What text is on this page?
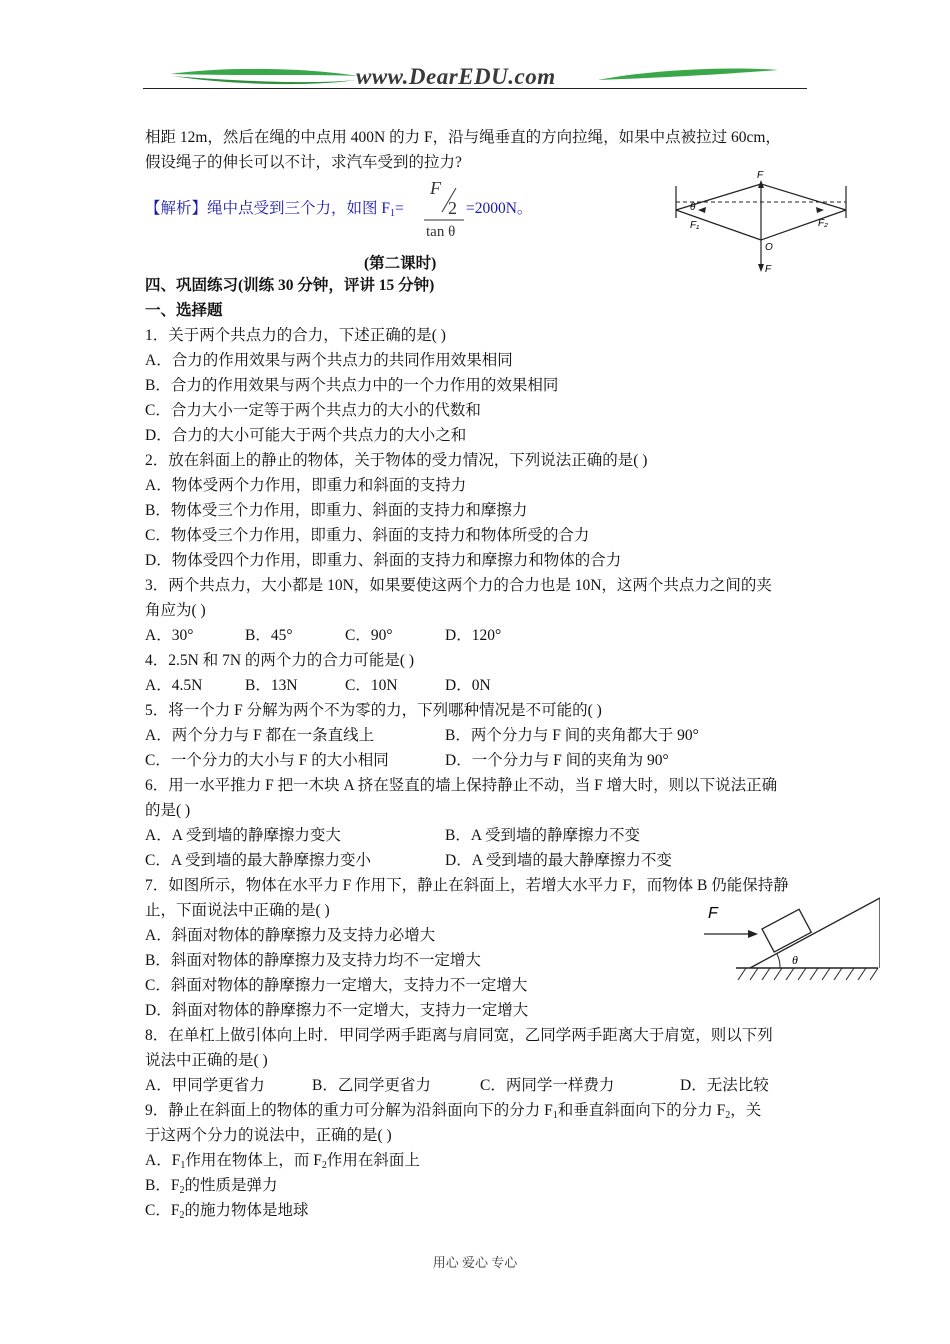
www.DearEDU.com
相距 12m，然后在绳的中点用 400N 的力 F，沿与绳垂直的方向拉绳，如果中点被拉过 60cm，
假设绳子的伸长可以不计，求汽车受到的拉力?
【解析】绳中点受到三个力，如图 $F_1=$
F
2
tan θ
=2000N。
F
θ
F₁	F₂
O
F
(第二课时)
四、巩固练习(训练 30 分钟，评讲 15 分钟)
一、选择题
1．关于两个共点力的合力，下述正确的是( )
A．合力的作用效果与两个共点力的共同作用效果相同
B．合力的作用效果与两个共点力中的一个力作用的效果相同
C．合力大小一定等于两个共点力的大小的代数和
D．合力的大小可能大于两个共点力的大小之和
2．放在斜面上的静止的物体，关于物体的受力情况，下列说法正确的是( )
A．物体受两个力作用，即重力和斜面的支持力
B．物体受三个力作用，即重力、斜面的支持力和摩擦力
C．物体受三个力作用，即重力、斜面的支持力和物体所受的合力
D．物体受四个力作用，即重力、斜面的支持力和摩擦力和物体的合力
3．两个共点力，大小都是 10N，如果要使这两个力的合力也是 10N，这两个共点力之间的夹
角应为( )
A．30°	B．45°	C．90°	D．120°
4．2.5N 和 7N 的两个力的合力可能是( )
A．4.5N	B．13N	C．10N	D．0N
5．将一个力 F 分解为两个不为零的力，下列哪种情况是不可能的( )
A．两个分力与 F 都在一条直线上	B．两个分力与 F 间的夹角都大于 90°
C．一个分力的大小与 F 的大小相同	D．一个分力与 F 间的夹角为 90°
6．用一水平推力 F 把一木块 A 挤在竖直的墙上保持静止不动，当 F 增大时，则以下说法正确
的是( )
A．A 受到墙的静摩擦力变大	B．A 受到墙的静摩擦力不变
C．A 受到墙的最大静摩擦力变小	D．A 受到墙的最大静摩擦力不变
7．如图所示，物体在水平力 F 作用下，静止在斜面上，若增大水平力 F，而物体 B 仍能保持静
止，下面说法中正确的是( )
A．斜面对物体的静摩擦力及支持力必增大
B．斜面对物体的静摩擦力及支持力均不一定增大
C．斜面对物体的静摩擦力一定增大，支持力不一定增大
D．斜面对物体的静摩擦力不一定增大，支持力一定增大
F
θ
8．在单杠上做引体向上时．甲同学两手距离与肩同宽，乙同学两手距离大于肩宽，则以下列
说法中正确的是( )
A．甲同学更省力	B．乙同学更省力	C．两同学一样费力	D．无法比较
9．静止在斜面上的物体的重力可分解为沿斜面向下的分力 $F_1$和垂直斜面向下的分力 $F_2$，关
于这两个分力的说法中，正确的是( )
A．$F_1$作用在物体上，而 $F_2$作用在斜面上
B．$F_2$的性质是弹力
C．$F_2$的施力物体是地球
用心 爱心 专心
